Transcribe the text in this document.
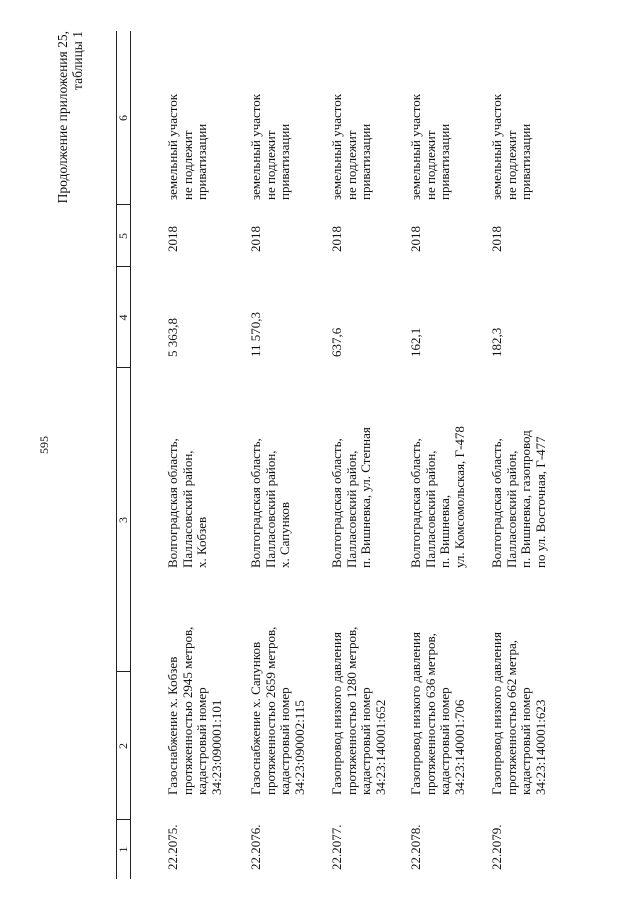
595
Продолжение приложения 25, таблицы 1
1
2
3
4
5
6
22.2075.
Газоснабжение х. Кобзев протяженностью 2945 метров, кадастровый номер 34:23:090001:101
Волгоградская область, Палласовский район, х. Кобзев
5 363,8
2018
земельный участок не подлежит приватизации
22.2076.
Газоснабжение х. Сапунков протяженностью 2659 метров, кадастровый номер 34:23:090002:115
Волгоградская область, Палласовский район, х. Сапунков
11 570,3
2018
земельный участок не подлежит приватизации
22.2077.
Газопровод низкого давления протяженностью 1280 метров, кадастровый номер 34:23:140001:652
Волгоградская область, Палласовский район, п. Вишневка, ул. Степная
637,6
2018
земельный участок не подлежит приватизации
22.2078.
Газопровод низкого давления протяженностью 636 метров, кадастровый номер 34:23:140001:706
Волгоградская область, Палласовский район, п. Вишневка, ул. Комсомольская, Г-478
162,1
2018
земельный участок не подлежит приватизации
22.2079.
Газопровод низкого давления протяженностью 662 метра, кадастровый номер 34:23:140001:623
Волгоградская область, Палласовский район, п. Вишневка, газопровод по ул. Восточная, Г-477
182,3
2018
земельный участок не подлежит приватизации
